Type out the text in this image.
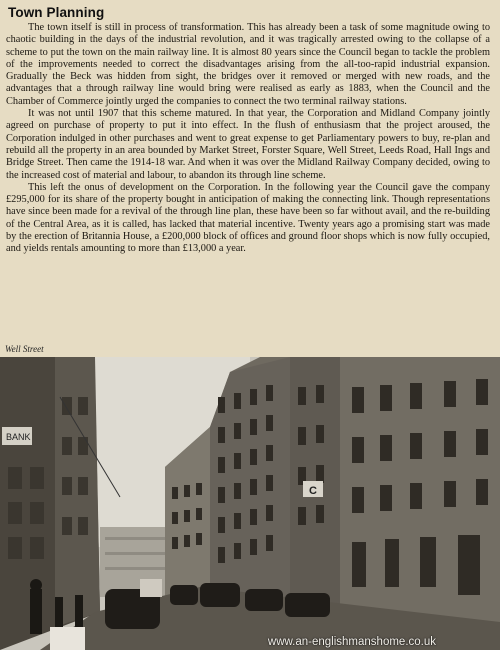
Town Planning

The town itself is still in process of transformation. This has already been a task of some magnitude owing to chaotic building in the days of the industrial revolution, and it was tragically arrested owing to the collapse of a scheme to put the town on the main railway line. It is almost 80 years since the Council began to tackle the problem of the improvements needed to correct the disadvantages arising from the all-too-rapid industrial expansion. Gradually the Beck was hidden from sight, the bridges over it removed or merged with new roads, and the advantages that a through railway line would bring were realised as early as 1883, when the Council and the Chamber of Commerce jointly urged the companies to connect the two terminal railway stations.

It was not until 1907 that this scheme matured. In that year, the Corporation and Midland Company jointly agreed on purchase of property to put it into effect. In the flush of enthusiasm that the project aroused, the Corporation indulged in other purchases and went to great expense to get Parliamentary powers to buy, re-plan and rebuild all the property in an area bounded by Market Street, Forster Square, Well Street, Leeds Road, Hall Ings and Bridge Street. Then came the 1914-18 war. And when it was over the Midland Railway Company decided, owing to the increased cost of material and labour, to abandon its through line scheme.

This left the onus of development on the Corporation. In the following year the Council gave the company £295,000 for its share of the property bought in anticipation of making the connecting link. Though representations have since been made for a revival of the through line plan, these have been so far without avail, and the re-building of the Central Area, as it is called, has lacked that material incentive. Twenty years ago a promising start was made by the erection of Britannia House, a £200,000 block of offices and ground floor shops which is now fully occupied, and yields rentals amounting to more than £13,000 a year.

Well Street
BANK
C
www.an-englishmanshome.co.uk
